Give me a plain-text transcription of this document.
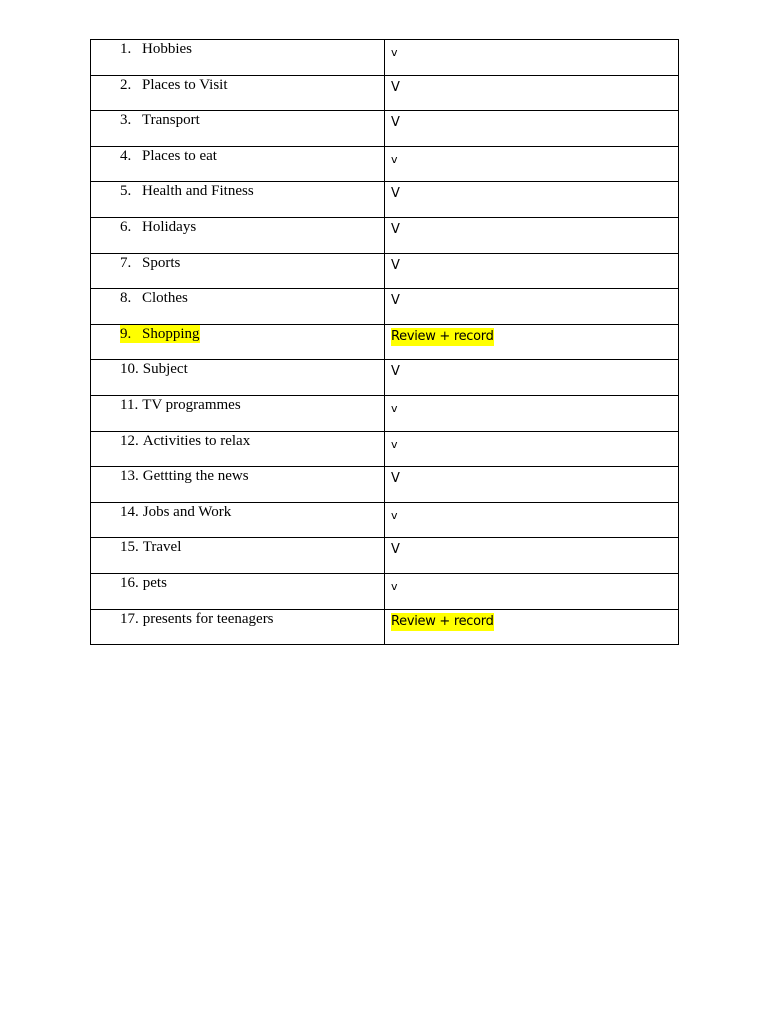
1. Hobbies	v
2. Places to Visit	V
3. Transport	V
4. Places to eat	v
5. Health and Fitness	V
6. Holidays	V
7. Sports	V
8. Clothes	V
9. Shopping	Review + record
10. Subject	V
11. TV programmes	v
12. Activities to relax	v
13. Gettting the news	V
14. Jobs and Work	v
15. Travel	V
16. pets	v
17. presents for teenagers	Review + record
